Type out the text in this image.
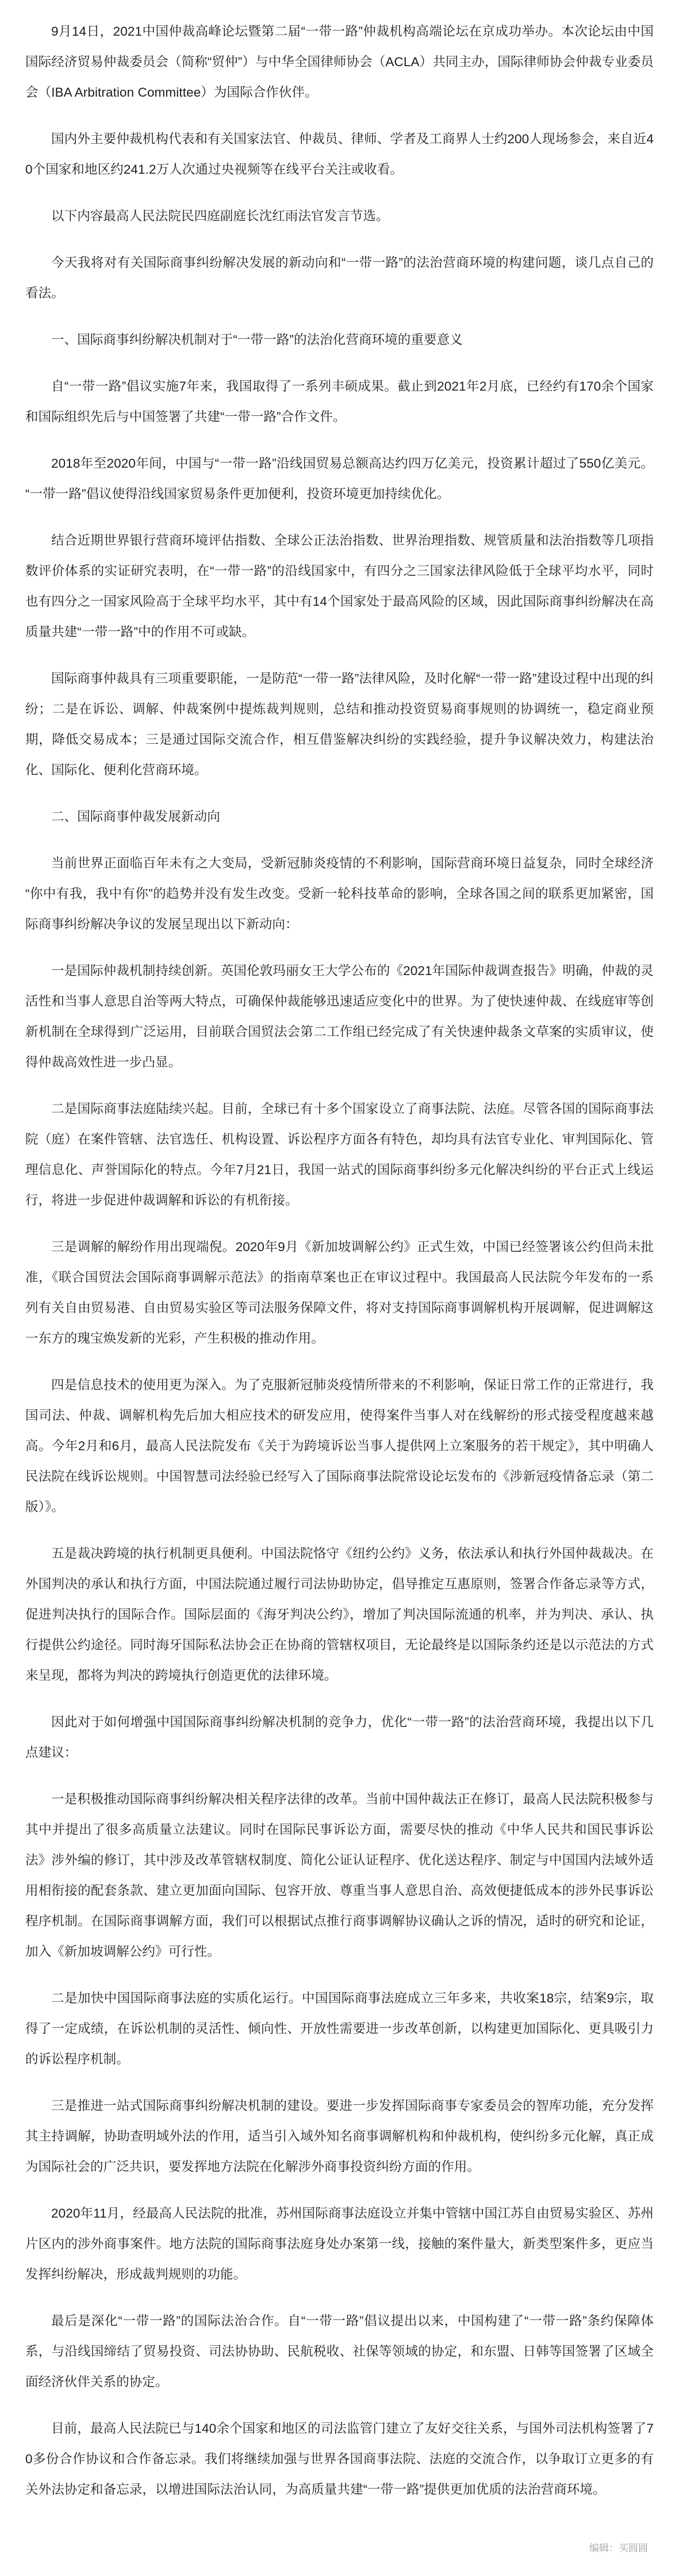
9月14日，2021中国仲裁高峰论坛暨第二届“一带一路”仲裁机构高端论坛在京成功举办。本次论坛由中国国际经济贸易仲裁委员会（简称“贸仲”）与中华全国律师协会（ACLA）共同主办，国际律师协会仲裁专业委员会（IBA Arbitration Committee）为国际合作伙伴。

国内外主要仲裁机构代表和有关国家法官、仲裁员、律师、学者及工商界人士约200人现场参会，来自近40个国家和地区约241.2万人次通过央视频等在线平台关注或收看。

以下内容最高人民法院民四庭副庭长沈红雨法官发言节选。

今天我将对有关国际商事纠纷解决发展的新动向和“一带一路”的法治营商环境的构建问题，谈几点自己的看法。

一、国际商事纠纷解决机制对于“一带一路”的法治化营商环境的重要意义

自“一带一路”倡议实施7年来，我国取得了一系列丰硕成果。截止到2021年2月底，已经约有170余个国家和国际组织先后与中国签署了共建“一带一路”合作文件。

2018年至2020年间，中国与“一带一路”沿线国贸易总额高达约四万亿美元，投资累计超过了550亿美元。“一带一路”倡议使得沿线国家贸易条件更加便利，投资环境更加持续优化。

结合近期世界银行营商环境评估指数、全球公正法治指数、世界治理指数、规管质量和法治指数等几项指数评价体系的实证研究表明，在“一带一路”的沿线国家中，有四分之三国家法律风险低于全球平均水平，同时也有四分之一国家风险高于全球平均水平，其中有14个国家处于最高风险的区域，因此国际商事纠纷解决在高质量共建“一带一路”中的作用不可或缺。

国际商事仲裁具有三项重要职能，一是防范“一带一路”法律风险，及时化解“一带一路”建设过程中出现的纠纷；二是在诉讼、调解、仲裁案例中提炼裁判规则，总结和推动投资贸易商事规则的协调统一，稳定商业预期，降低交易成本；三是通过国际交流合作，相互借鉴解决纠纷的实践经验，提升争议解决效力，构建法治化、国际化、便利化营商环境。

二、国际商事仲裁发展新动向

当前世界正面临百年未有之大变局，受新冠肺炎疫情的不利影响，国际营商环境日益复杂，同时全球经济“你中有我，我中有你”的趋势并没有发生改变。受新一轮科技革命的影响，全球各国之间的联系更加紧密，国际商事纠纷解决争议的发展呈现出以下新动向：

一是国际仲裁机制持续创新。英国伦敦玛丽女王大学公布的《2021年国际仲裁调查报告》明确，仲裁的灵活性和当事人意思自治等两大特点，可确保仲裁能够迅速适应变化中的世界。为了使快速仲裁、在线庭审等创新机制在全球得到广泛运用，目前联合国贸法会第二工作组已经完成了有关快速仲裁条文草案的实质审议，使得仲裁高效性进一步凸显。

二是国际商事法庭陆续兴起。目前，全球已有十多个国家设立了商事法院、法庭。尽管各国的国际商事法院（庭）在案件管辖、法官选任、机构设置、诉讼程序方面各有特色，却均具有法官专业化、审判国际化、管理信息化、声誉国际化的特点。今年7月21日，我国一站式的国际商事纠纷多元化解决纠纷的平台正式上线运行，将进一步促进仲裁调解和诉讼的有机衔接。

三是调解的解纷作用出现端倪。2020年9月《新加坡调解公约》正式生效，中国已经签署该公约但尚未批准，《联合国贸法会国际商事调解示范法》的指南草案也正在审议过程中。我国最高人民法院今年发布的一系列有关自由贸易港、自由贸易实验区等司法服务保障文件，将对支持国际商事调解机构开展调解，促进调解这一东方的瑰宝焕发新的光彩，产生积极的推动作用。

四是信息技术的使用更为深入。为了克服新冠肺炎疫情所带来的不利影响，保证日常工作的正常进行，我国司法、仲裁、调解机构先后加大相应技术的研发应用，使得案件当事人对在线解纷的形式接受程度越来越高。今年2月和6月，最高人民法院发布《关于为跨境诉讼当事人提供网上立案服务的若干规定》，其中明确人民法院在线诉讼规则。中国智慧司法经验已经写入了国际商事法院常设论坛发布的《涉新冠疫情备忘录（第二版）》。

五是裁决跨境的执行机制更具便利。中国法院恪守《纽约公约》义务，依法承认和执行外国仲裁裁决。在外国判决的承认和执行方面，中国法院通过履行司法协助协定，倡导推定互惠原则，签署合作备忘录等方式，促进判决执行的国际合作。国际层面的《海牙判决公约》，增加了判决国际流通的机率，并为判决、承认、执行提供公约途径。同时海牙国际私法协会正在协商的管辖权项目，无论最终是以国际条约还是以示范法的方式来呈现，都将为判决的跨境执行创造更优的法律环境。

因此对于如何增强中国国际商事纠纷解决机制的竞争力，优化“一带一路”的法治营商环境，我提出以下几点建议：

一是积极推动国际商事纠纷解决相关程序法律的改革。当前中国仲裁法正在修订，最高人民法院积极参与其中并提出了很多高质量立法建议。同时在国际民事诉讼方面，需要尽快的推动《中华人民共和国民事诉讼法》涉外编的修订，其中涉及改革管辖权制度、简化公证认证程序、优化送达程序、制定与中国国内法域外适用相衔接的配套条款、建立更加面向国际、包容开放、尊重当事人意思自治、高效便捷低成本的涉外民事诉讼程序机制。在国际商事调解方面，我们可以根据试点推行商事调解协议确认之诉的情况，适时的研究和论证，加入《新加坡调解公约》可行性。

二是加快中国国际商事法庭的实质化运行。中国国际商事法庭成立三年多来，共收案18宗，结案9宗，取得了一定成绩，在诉讼机制的灵活性、倾向性、开放性需要进一步改革创新，以构建更加国际化、更具吸引力的诉讼程序机制。

三是推进一站式国际商事纠纷解决机制的建设。要进一步发挥国际商事专家委员会的智库功能，充分发挥其主持调解，协助查明域外法的作用，适当引入域外知名商事调解机构和仲裁机构，使纠纷多元化解，真正成为国际社会的广泛共识，要发挥地方法院在化解涉外商事投资纠纷方面的作用。

2020年11月，经最高人民法院的批准，苏州国际商事法庭设立并集中管辖中国江苏自由贸易实验区、苏州片区内的涉外商事案件。地方法院的国际商事法庭身处办案第一线，接触的案件量大，新类型案件多，更应当发挥纠纷解决，形成裁判规则的功能。

最后是深化“一带一路”的国际法治合作。自“一带一路”倡议提出以来，中国构建了“一带一路”条约保障体系，与沿线国缔结了贸易投资、司法协协助、民航税收、社保等领域的协定，和东盟、日韩等国签署了区域全面经济伙伴关系的协定。

目前，最高人民法院已与140余个国家和地区的司法监管门建立了友好交往关系，与国外司法机构签署了70多份合作协议和合作备忘录。我们将继续加强与世界各国商事法院、法庭的交流合作，以争取订立更多的有关外法协定和备忘录，以增进国际法治认同，为高质量共建“一带一路”提供更加优质的法治营商环境。

编辑：买圆圆
